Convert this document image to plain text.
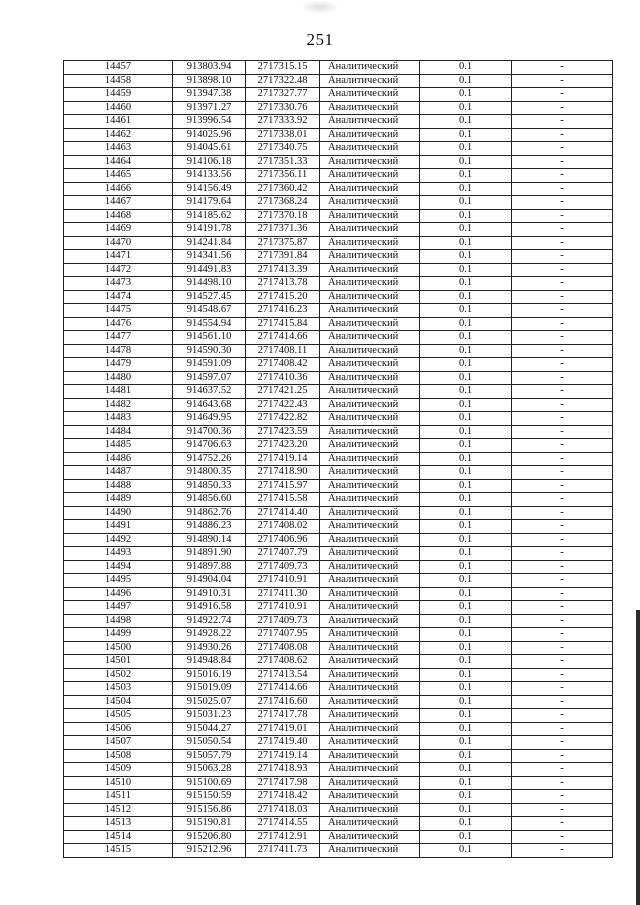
251
14457	913803.94	2717315.15	Аналитический	0.1	-
14458	913898.10	2717322.48	Аналитический	0.1	-
14459	913947.38	2717327.77	Аналитический	0.1	-
14460	913971.27	2717330.76	Аналитический	0.1	-
14461	913996.54	2717333.92	Аналитический	0.1	-
14462	914025.96	2717338.01	Аналитический	0.1	-
14463	914045.61	2717340.75	Аналитический	0.1	-
14464	914106.18	2717351.33	Аналитический	0.1	-
14465	914133.56	2717356.11	Аналитический	0.1	-
14466	914156.49	2717360.42	Аналитический	0.1	-
14467	914179.64	2717368.24	Аналитический	0.1	-
14468	914185.62	2717370.18	Аналитический	0.1	-
14469	914191.78	2717371.36	Аналитический	0.1	-
14470	914241.84	2717375.87	Аналитический	0.1	-
14471	914341.56	2717391.84	Аналитический	0.1	-
14472	914491.83	2717413.39	Аналитический	0.1	-
14473	914498.10	2717413.78	Аналитический	0.1	-
14474	914527.45	2717415.20	Аналитический	0.1	-
14475	914548.67	2717416.23	Аналитический	0.1	-
14476	914554.94	2717415.84	Аналитический	0.1	-
14477	914561.10	2717414.66	Аналитический	0.1	-
14478	914590.30	2717408.11	Аналитический	0.1	-
14479	914591.09	2717408.42	Аналитический	0.1	-
14480	914597.07	2717410.36	Аналитический	0.1	-
14481	914637.52	2717421.25	Аналитический	0.1	-
14482	914643.68	2717422.43	Аналитический	0.1	-
14483	914649.95	2717422.82	Аналитический	0.1	-
14484	914700.36	2717423.59	Аналитический	0.1	-
14485	914706.63	2717423.20	Аналитический	0.1	-
14486	914752.26	2717419.14	Аналитический	0.1	-
14487	914800.35	2717418.90	Аналитический	0.1	-
14488	914850.33	2717415.97	Аналитический	0.1	-
14489	914856.60	2717415.58	Аналитический	0.1	-
14490	914862.76	2717414.40	Аналитический	0.1	-
14491	914886.23	2717408.02	Аналитический	0.1	-
14492	914890.14	2717406.96	Аналитический	0.1	-
14493	914891.90	2717407.79	Аналитический	0.1	-
14494	914897.88	2717409.73	Аналитический	0.1	-
14495	914904.04	2717410.91	Аналитический	0.1	-
14496	914910.31	2717411.30	Аналитический	0.1	-
14497	914916.58	2717410.91	Аналитический	0.1	-
14498	914922.74	2717409.73	Аналитический	0.1	-
14499	914928.22	2717407.95	Аналитический	0.1	-
14500	914930.26	2717408.08	Аналитический	0.1	-
14501	914948.84	2717408.62	Аналитический	0.1	-
14502	915016.19	2717413.54	Аналитический	0.1	-
14503	915019.09	2717414.66	Аналитический	0.1	-
14504	915025.07	2717416.60	Аналитический	0.1	-
14505	915031.23	2717417.78	Аналитический	0.1	-
14506	915044.27	2717419.01	Аналитический	0.1	-
14507	915050.54	2717419.40	Аналитический	0.1	-
14508	915057.79	2717419.14	Аналитический	0.1	-
14509	915063.28	2717418.93	Аналитический	0.1	-
14510	915100.69	2717417.98	Аналитический	0.1	-
14511	915150.59	2717418.42	Аналитический	0.1	-
14512	915156.86	2717418.03	Аналитический	0.1	-
14513	915190.81	2717414.55	Аналитический	0.1	-
14514	915206.80	2717412.91	Аналитический	0.1	-
14515	915212.96	2717411.73	Аналитический	0.1	-
